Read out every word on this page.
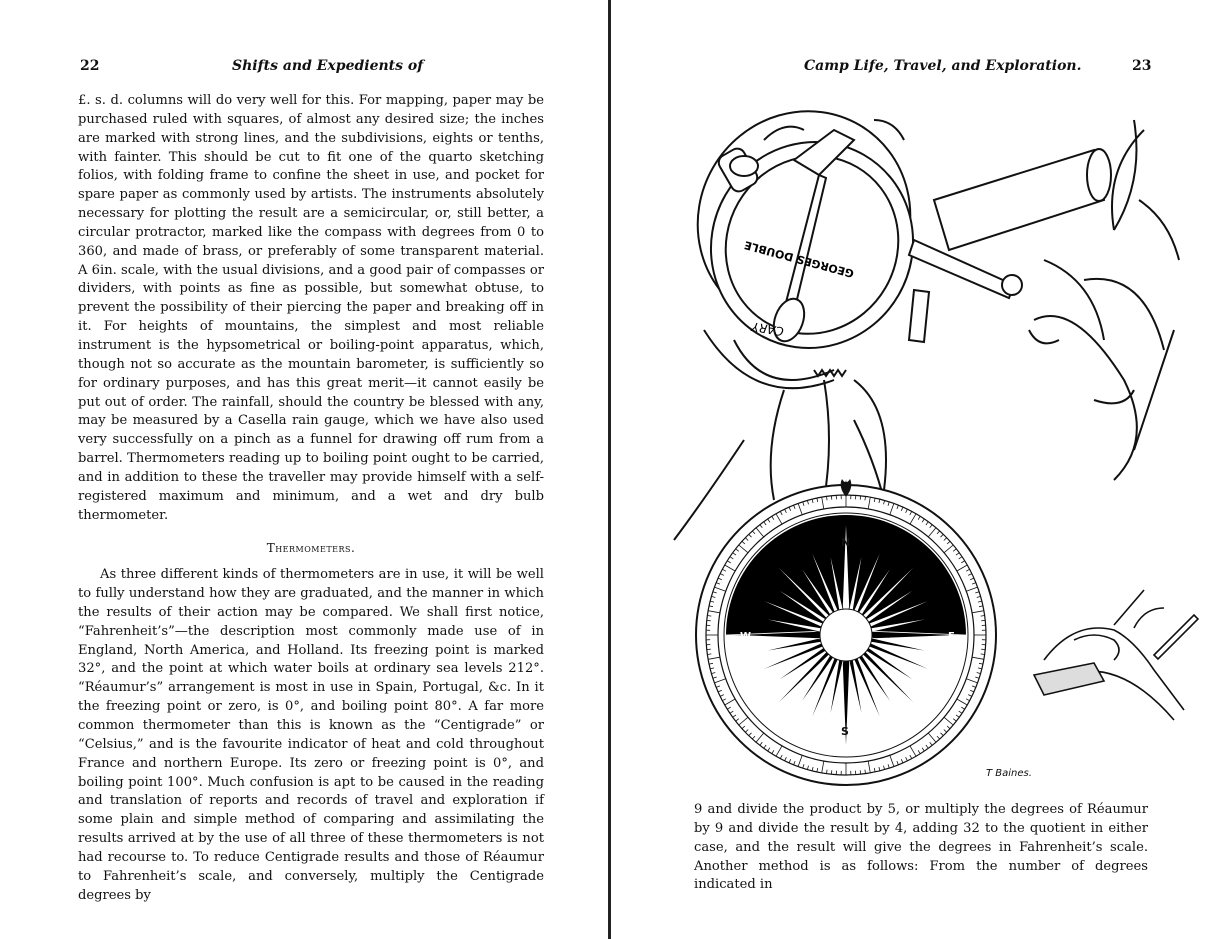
22	Shifts and Expedients of

£. s. d. columns will do very well for this. For mapping, paper may be purchased ruled with squares, of almost any desired size; the inches are marked with strong lines, and the subdivisions, eights or tenths, with fainter. This should be cut to fit one of the quarto sketching folios, with folding frame to confine the sheet in use, and pocket for spare paper as commonly used by artists. The instruments absolutely necessary for plotting the result are a semicircular, or, still better, a circular protractor, marked like the compass with degrees from 0 to 360, and made of brass, or preferably of some transparent material. A 6in. scale, with the usual divisions, and a good pair of compasses or dividers, with points as fine as possible, but somewhat obtuse, to prevent the possibility of their piercing the paper and breaking off in it. For heights of mountains, the simplest and most reliable instrument is the hypsometrical or boiling-point apparatus, which, though not so accurate as the mountain barometer, is sufficiently so for ordinary purposes, and has this great merit—it cannot easily be put out of order. The rainfall, should the country be blessed with any, may be measured by a Casella rain gauge, which we have also used very successfully on a pinch as a funnel for drawing off rum from a barrel. Thermometers reading up to boiling point ought to be carried, and in addition to these the traveller may provide himself with a self-registered maximum and minimum, and a wet and dry bulb thermometer.

Thermometers.

As three different kinds of thermometers are in use, it will be well to fully understand how they are graduated, and the manner in which the results of their action may be compared. We shall first notice, “Fahrenheit’s”—the description most commonly made use of in England, North America, and Holland. Its freezing point is marked 32°, and the point at which water boils at ordinary sea levels 212°. “Réaumur’s” arrangement is most in use in Spain, Portugal, &c. In it the freezing point or zero, is 0°, and boiling point 80°. A far more common thermometer than this is known as the “Centigrade” or “Celsius,” and is the favourite indicator of heat and cold throughout France and northern Europe. Its zero or freezing point is 0°, and boiling point 100°. Much confusion is apt to be caused in the reading and translation of reports and records of travel and exploration if some plain and simple method of comparing and assimilating the results arrived at by the use of all three of these thermometers is not had recourse to. To reduce Centigrade results and those of Réaumur to Fahrenheit’s scale, and conversely, multiply the Centigrade degrees by

Camp Life, Travel, and Exploration.	23
GEORGES DOUBLE
CARY
N
S
E
W
T Baines.

9 and divide the product by 5, or multiply the degrees of Réaumur by 9 and divide the result by 4, adding 32 to the quotient in either case, and the result will give the degrees in Fahrenheit’s scale. Another method is as follows: From the number of degrees indicated in
